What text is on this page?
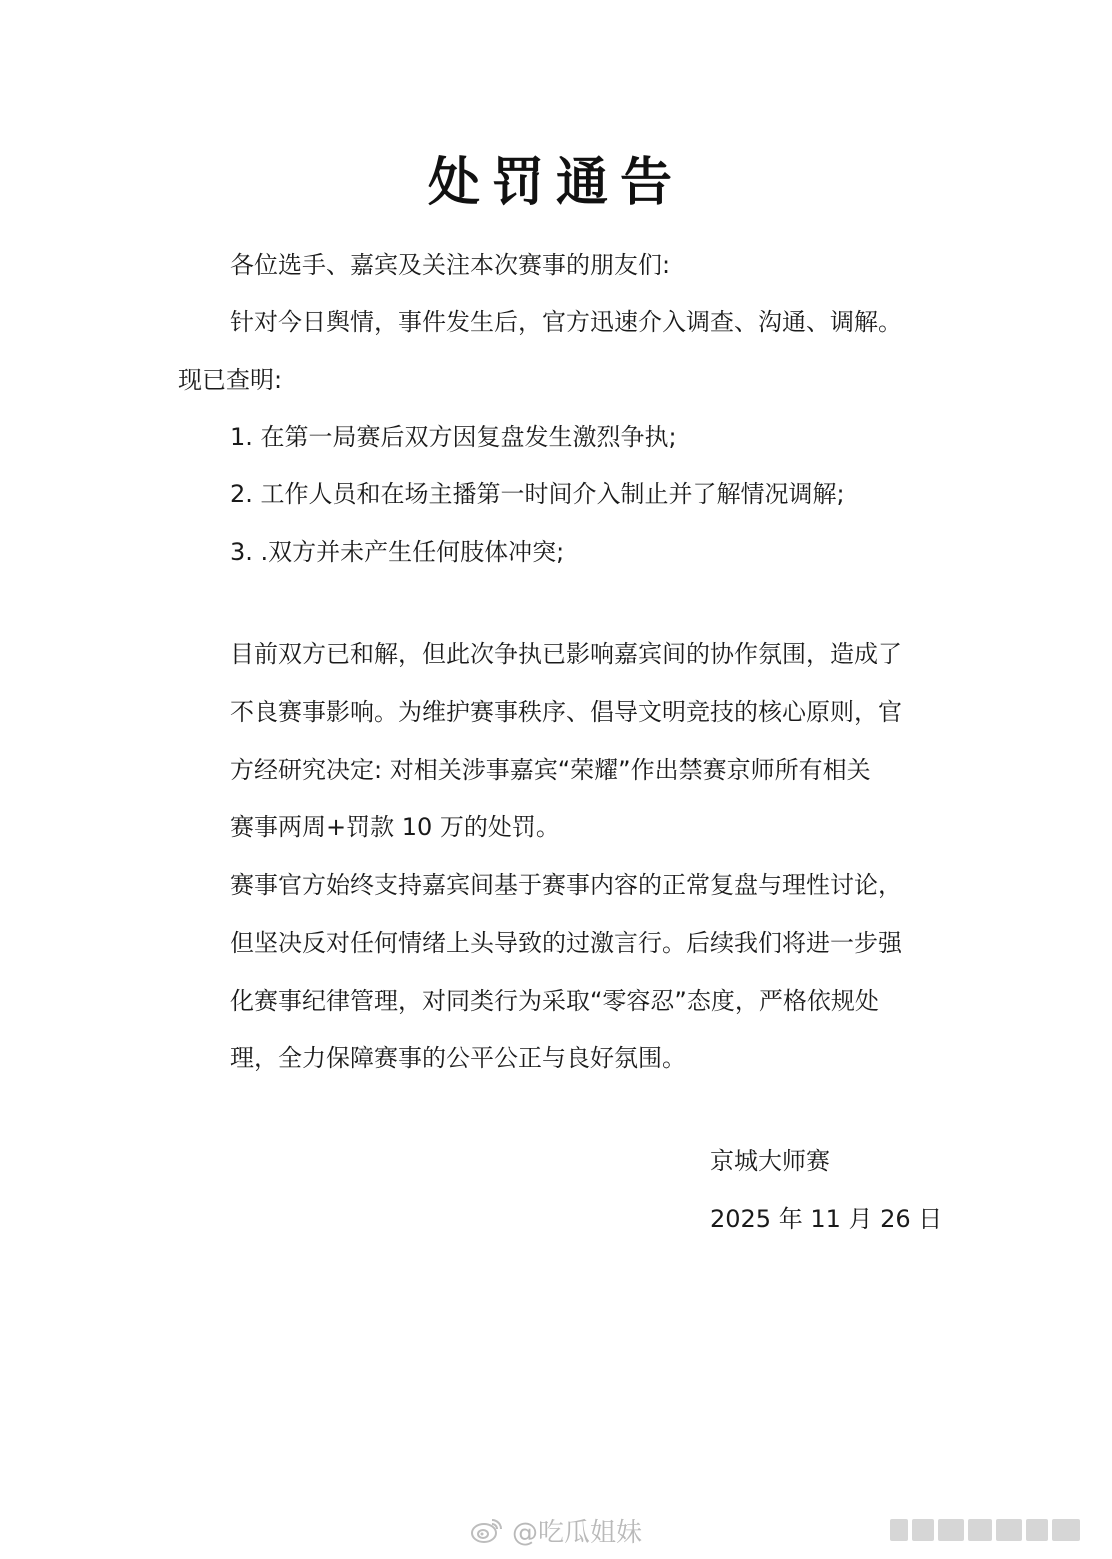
处罚通告
各位选手、嘉宾及关注本次赛事的朋友们:
针对今日舆情，事件发生后，官方迅速介入调查、沟通、调解。
现已查明:
1. 在第一局赛后双方因复盘发生激烈争执;
2. 工作人员和在场主播第一时间介入制止并了解情况调解;
3. .双方并未产生任何肢体冲突;
目前双方已和解，但此次争执已影响嘉宾间的协作氛围，造成了
不良赛事影响。为维护赛事秩序、倡导文明竞技的核心原则，官
方经研究决定: 对相关涉事嘉宾“荣耀”作出禁赛京师所有相关
赛事两周+罚款 10 万的处罚。
赛事官方始终支持嘉宾间基于赛事内容的正常复盘与理性讨论，
但坚决反对任何情绪上头导致的过激言行。后续我们将进一步强
化赛事纪律管理，对同类行为采取“零容忍”态度，严格依规处
理，全力保障赛事的公平公正与良好氛围。
京城大师赛
2025 年 11 月 26 日
@吃瓜姐妹
